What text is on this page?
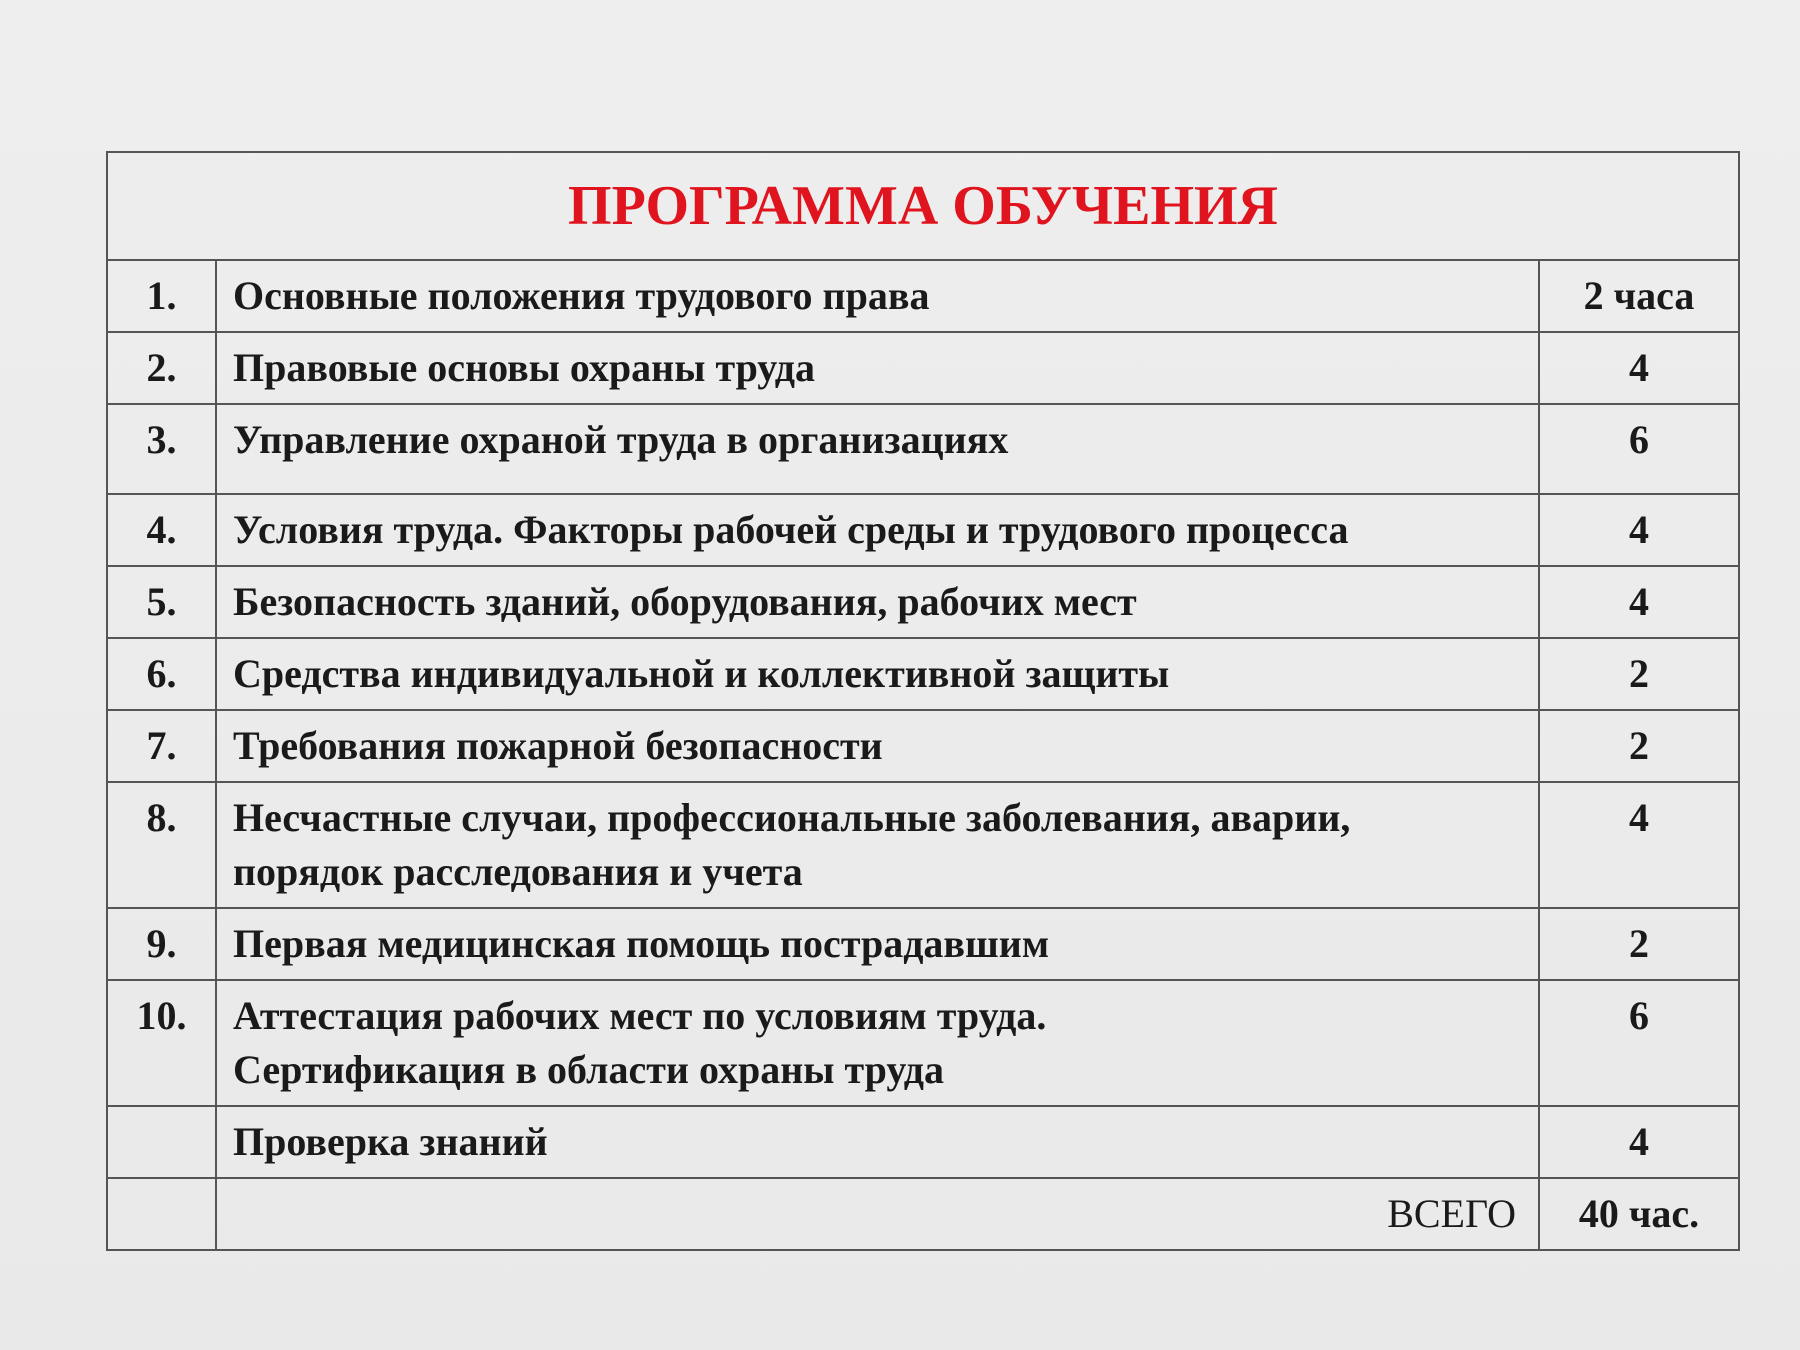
ПРОГРАММА ОБУЧЕНИЯ		
1.	Основные положения трудового права	2 часа
2.	Правовые основы охраны труда	4
3.	Управление охраной труда в организациях	6
4.	Условия труда. Факторы рабочей среды и трудового процесса	4
5.	Безопасность зданий, оборудования, рабочих мест	4
6.	Средства индивидуальной и коллективной защиты	2
7.	Требования пожарной безопасности	2
8.	Несчастные случаи, профессиональные заболевания, аварии,
порядок расследования и учета	4
9.	Первая медицинская помощь пострадавшим	2
10.	Аттестация рабочих мест по условиям труда.
Сертификация в области охраны труда	6
	Проверка знаний	4
	ВСЕГО	40 час.
